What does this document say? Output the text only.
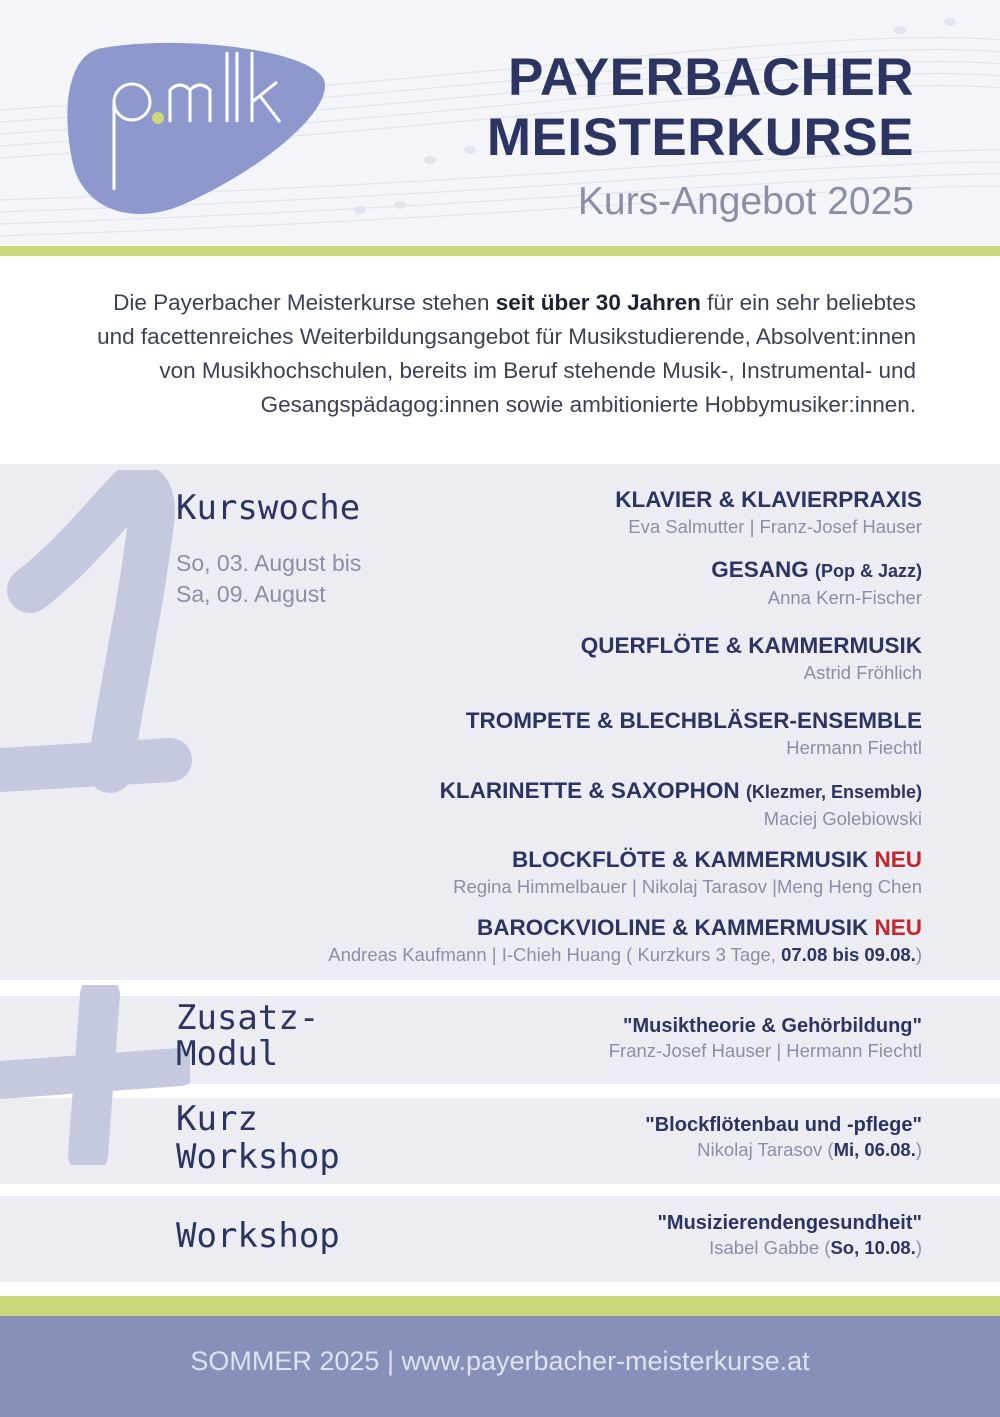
PAYERBACHER
MEISTERKURSE
Kurs-Angebot 2025
Die Payerbacher Meisterkurse stehen seit über 30 Jahren für ein sehr beliebtes und facettenreiches Weiterbildungsangebot für Musikstudierende, Absolvent:innen von Musikhochschulen, bereits im Beruf stehende Musik-, Instrumental- und Gesangspädagog:innen sowie ambitionierte Hobbymusiker:innen.
Kurswoche
So, 03. August bis
Sa, 09. August
KLAVIER & KLAVIERPRAXIS
Eva Salmutter | Franz-Josef Hauser
GESANG (Pop & Jazz)
Anna Kern-Fischer
QUERFLÖTE & KAMMERMUSIK
Astrid Fröhlich
TROMPETE & BLECHBLÄSER-ENSEMBLE
Hermann Fiechtl
KLARINETTE & SAXOPHON (Klezmer, Ensemble)
Maciej Golebiowski
BLOCKFLÖTE & KAMMERMUSIK NEU
Regina Himmelbauer | Nikolaj Tarasov |Meng Heng Chen
BAROCKVIOLINE & KAMMERMUSIK NEU
Andreas Kaufmann | I-Chieh Huang ( Kurzkurs 3 Tage, 07.08 bis 09.08.)
Zusatz-
Modul
"Musiktheorie & Gehörbildung"
Franz-Josef Hauser | Hermann Fiechtl
Kurz
Workshop
"Blockflötenbau und -pflege"
Nikolaj Tarasov (Mi, 06.08.)
Workshop	"Musizierendengesundheit"
Isabel Gabbe (So, 10.08.)
SOMMER 2025 | www.payerbacher-meisterkurse.at
